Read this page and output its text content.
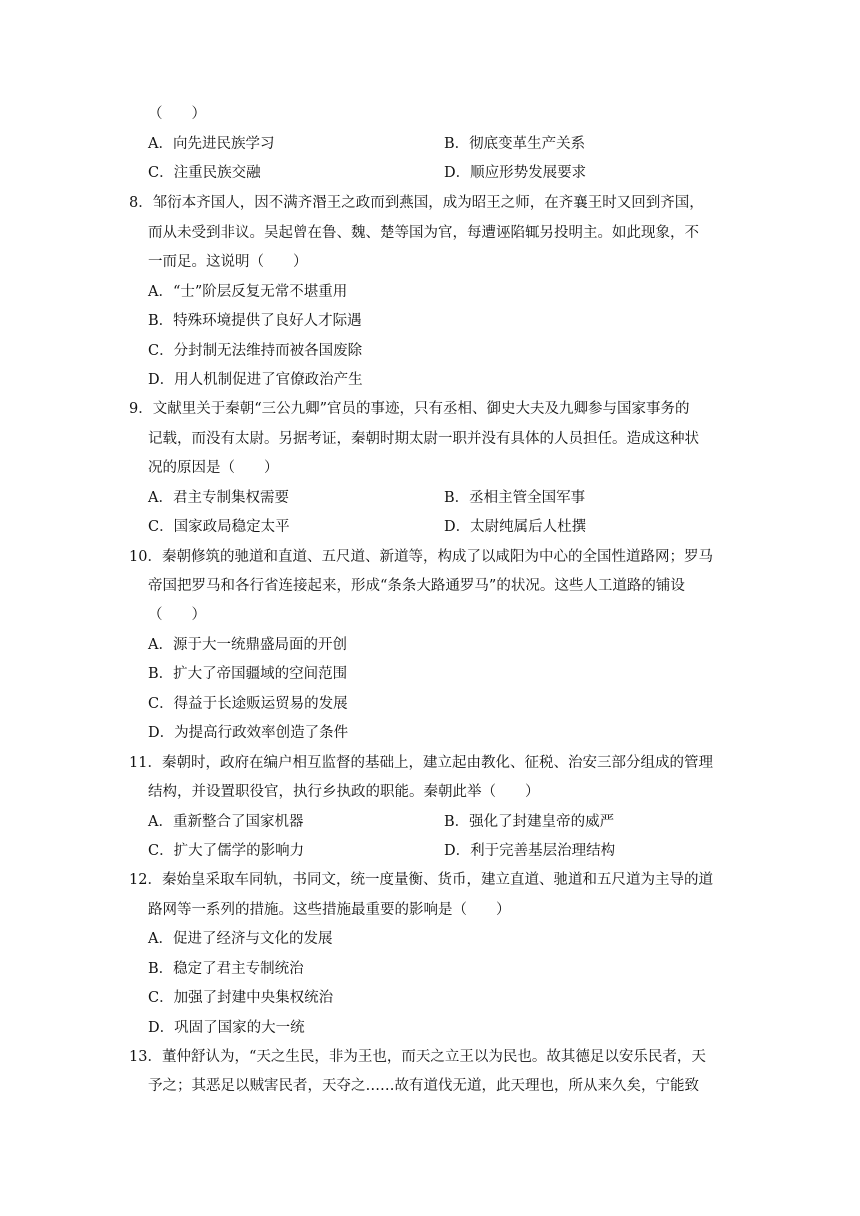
（　　）
A．向先进民族学习	B．彻底变革生产关系
C．注重民族交融	D．顺应形势发展要求
8．邹衍本齐国人，因不满齐湣王之政而到燕国，成为昭王之师，在齐襄王时又回到齐国，
而从未受到非议。吴起曾在鲁、魏、楚等国为官，每遭诬陷辄另投明主。如此现象，不
一而足。这说明（　　）
A．“士”阶层反复无常不堪重用
B．特殊环境提供了良好人才际遇
C．分封制无法维持而被各国废除
D．用人机制促进了官僚政治产生
9．文献里关于秦朝“三公九卿”官员的事迹，只有丞相、御史大夫及九卿参与国家事务的
记载，而没有太尉。另据考证，秦朝时期太尉一职并没有具体的人员担任。造成这种状
况的原因是（　　）
A．君主专制集权需要	B．丞相主管全国军事
C．国家政局稳定太平	D．太尉纯属后人杜撰
10．秦朝修筑的驰道和直道、五尺道、新道等，构成了以咸阳为中心的全国性道路网；罗马
帝国把罗马和各行省连接起来，形成“条条大路通罗马”的状况。这些人工道路的铺设
（　　）
A．源于大一统鼎盛局面的开创
B．扩大了帝国疆域的空间范围
C．得益于长途贩运贸易的发展
D．为提高行政效率创造了条件
11．秦朝时，政府在编户相互监督的基础上，建立起由教化、征税、治安三部分组成的管理
结构，并设置职役官，执行乡执政的职能。秦朝此举（　　）
A．重新整合了国家机器	B．强化了封建皇帝的威严
C．扩大了儒学的影响力	D．利于完善基层治理结构
12．秦始皇采取车同轨，书同文，统一度量衡、货币，建立直道、驰道和五尺道为主导的道
路网等一系列的措施。这些措施最重要的影响是（　　）
A．促进了经济与文化的发展
B．稳定了君主专制统治
C．加强了封建中央集权统治
D．巩固了国家的大一统
13．董仲舒认为，“天之生民，非为王也，而天之立王以为民也。故其德足以安乐民者，天
予之；其恶足以贼害民者，天夺之……故有道伐无道，此天理也，所从来久矣，宁能致
